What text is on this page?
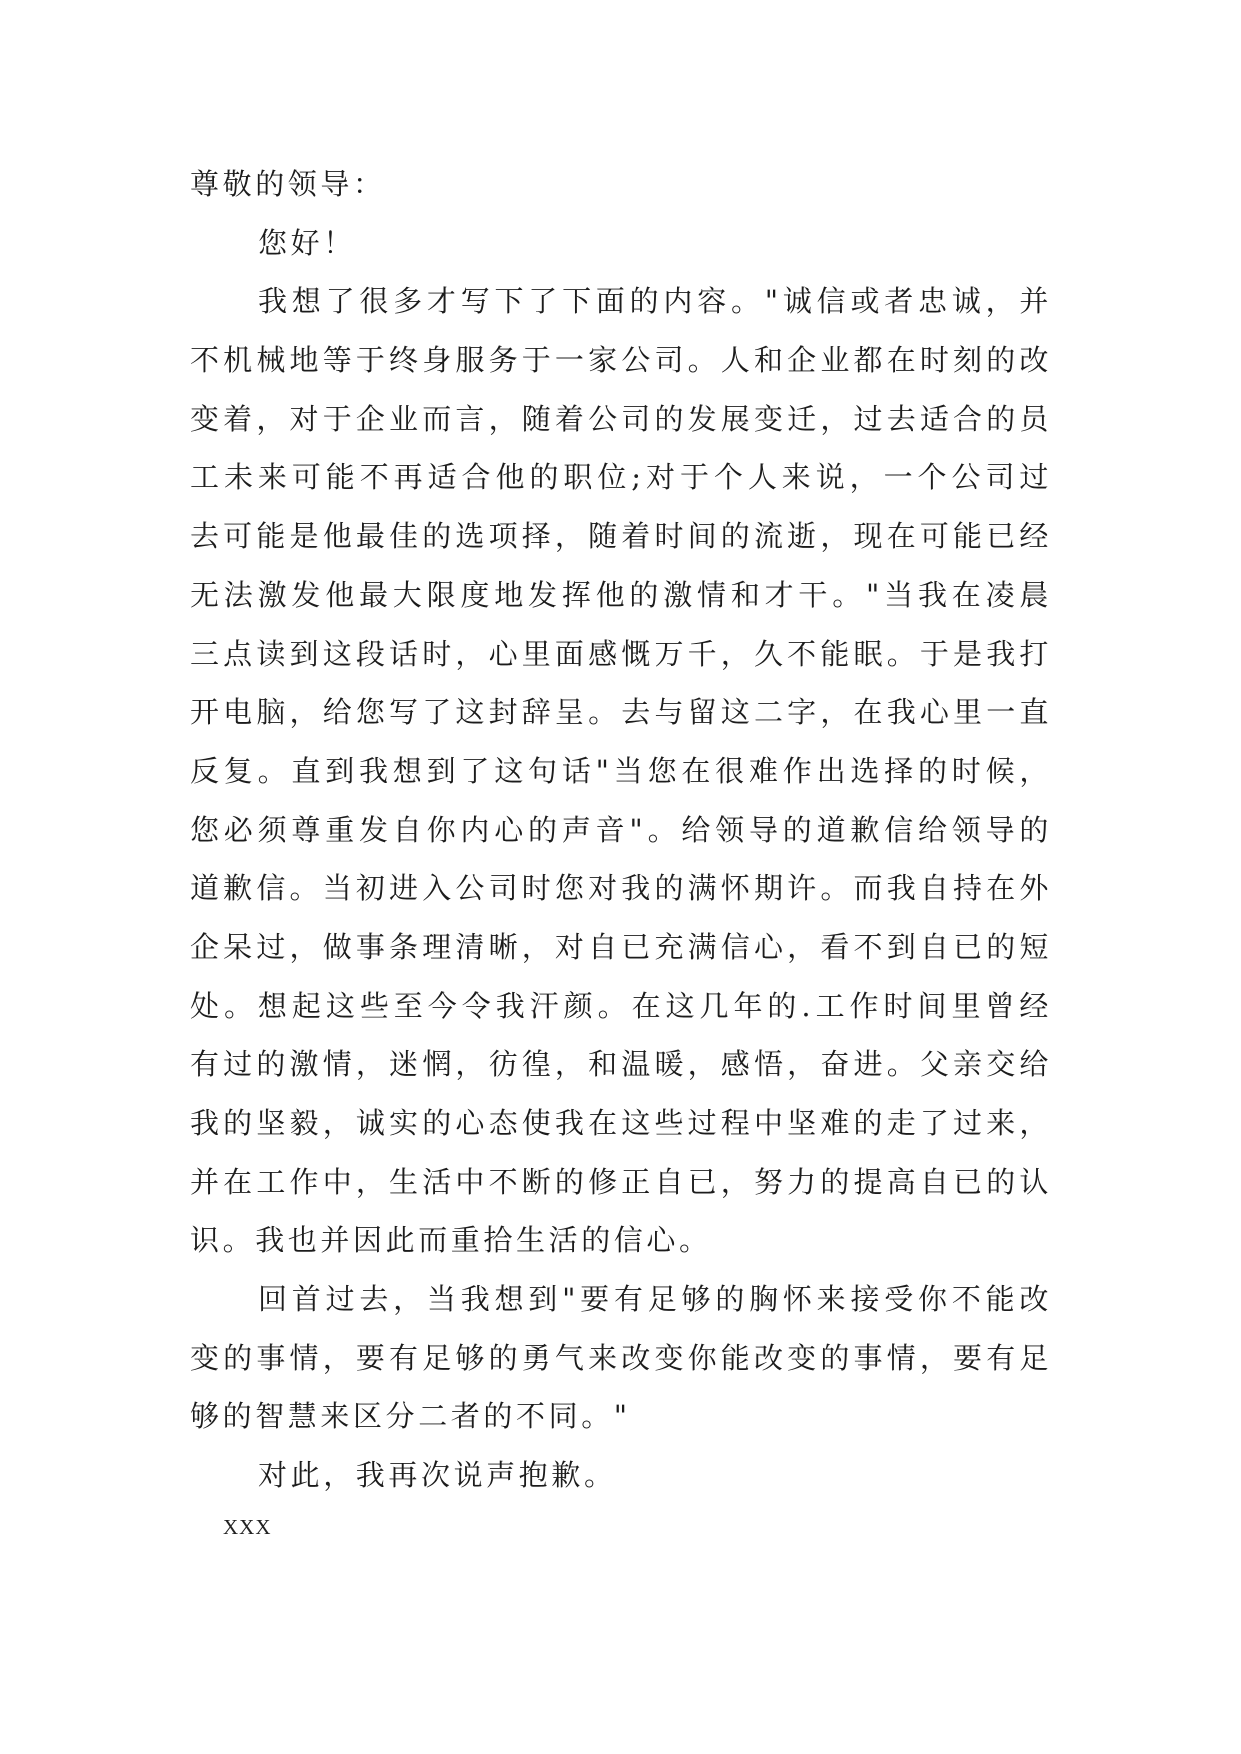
尊敬的领导：
您好！
我想了很多才写下了下面的内容。"诚信或者忠诚，并
不机械地等于终身服务于一家公司。人和企业都在时刻的改
变着，对于企业而言，随着公司的发展变迁，过去适合的员
工未来可能不再适合他的职位;对于个人来说，一个公司过
去可能是他最佳的选项择，随着时间的流逝，现在可能已经
无法激发他最大限度地发挥他的激情和才干。"当我在凌晨
三点读到这段话时，心里面感慨万千，久不能眠。于是我打
开电脑，给您写了这封辞呈。去与留这二字，在我心里一直
反复。直到我想到了这句话"当您在很难作出选择的时候，
您必须尊重发自你内心的声音"。给领导的道歉信给领导的
道歉信。当初进入公司时您对我的满怀期许。而我自持在外
企呆过，做事条理清晰，对自已充满信心，看不到自已的短
处。想起这些至今令我汗颜。在这几年的.工作时间里曾经
有过的激情，迷惘，彷徨，和温暖，感悟，奋进。父亲交给
我的坚毅，诚实的心态使我在这些过程中坚难的走了过来，
并在工作中，生活中不断的修正自已，努力的提高自已的认
识。我也并因此而重拾生活的信心。
回首过去，当我想到"要有足够的胸怀来接受你不能改
变的事情，要有足够的勇气来改变你能改变的事情，要有足
够的智慧来区分二者的不同。"
对此，我再次说声抱歉。
XXX
